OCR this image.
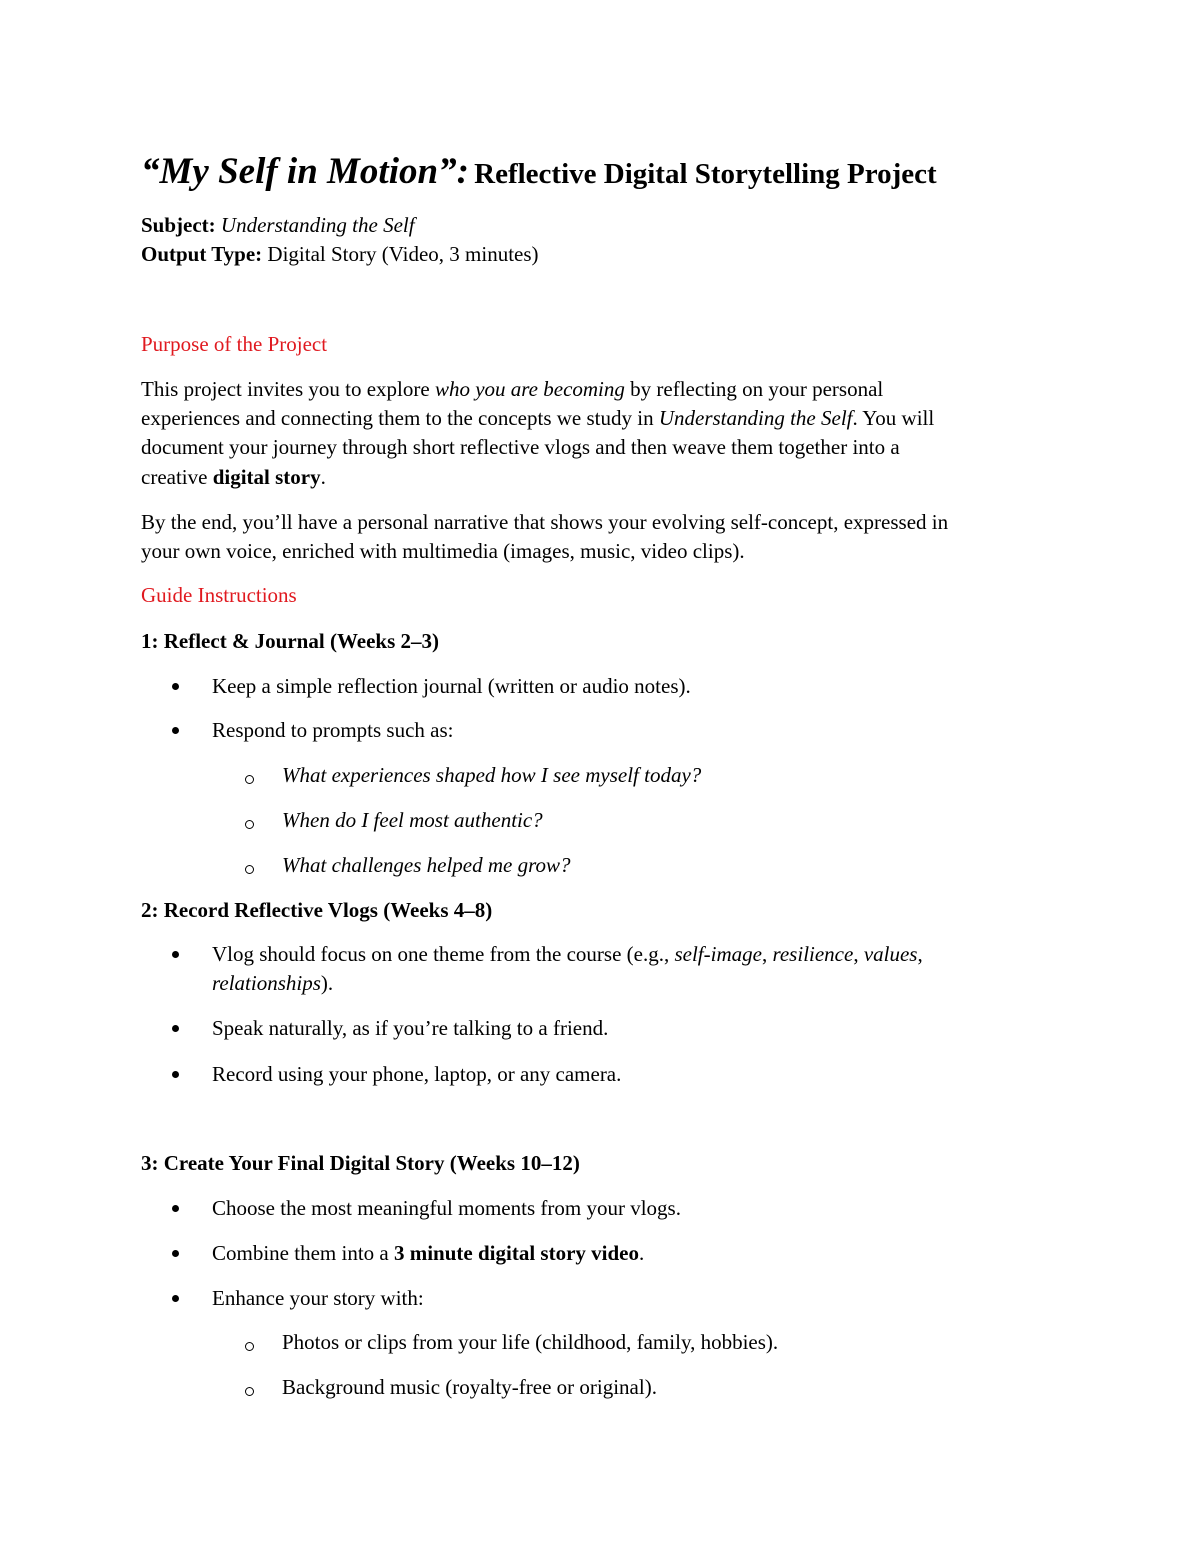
“My Self in Motion”: Reflective Digital Storytelling Project
Subject: Understanding the Self
Output Type: Digital Story (Video, 3 minutes)
Purpose of the Project
This project invites you to explore who you are becoming by reflecting on your personal
experiences and connecting them to the concepts we study in Understanding the Self. You will
document your journey through short reflective vlogs and then weave them together into a
creative digital story.
By the end, you’ll have a personal narrative that shows your evolving self-concept, expressed in
your own voice, enriched with multimedia (images, music, video clips).
Guide Instructions
1: Reflect & Journal (Weeks 2–3)
Keep a simple reflection journal (written or audio notes).
Respond to prompts such as:
What experiences shaped how I see myself today?
When do I feel most authentic?
What challenges helped me grow?
2: Record Reflective Vlogs (Weeks 4–8)
Vlog should focus on one theme from the course (e.g., self-image, resilience, values,
relationships).
Speak naturally, as if you’re talking to a friend.
Record using your phone, laptop, or any camera.
3: Create Your Final Digital Story (Weeks 10–12)
Choose the most meaningful moments from your vlogs.
Combine them into a 3 minute digital story video.
Enhance your story with:
Photos or clips from your life (childhood, family, hobbies).
Background music (royalty-free or original).
